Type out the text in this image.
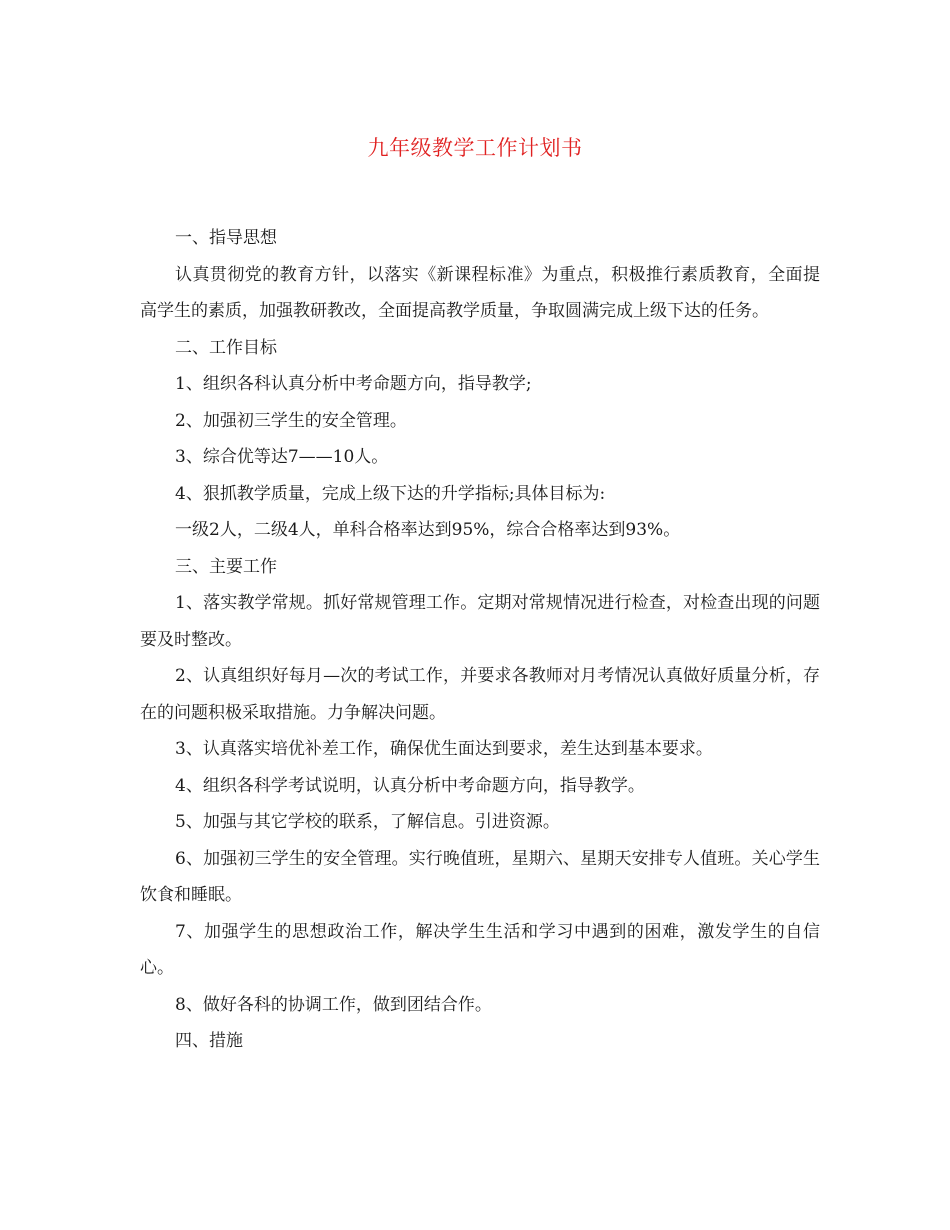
九年级教学工作计划书

一、指导思想

认真贯彻党的教育方针，以落实《新课程标准》为重点，积极推行素质教育，全面提高学生的素质，加强教研教改，全面提高教学质量，争取圆满完成上级下达的任务。

二、工作目标

1、组织各科认真分析中考命题方向，指导教学;

2、加强初三学生的安全管理。

3、综合优等达7——10人。

4、狠抓教学质量，完成上级下达的升学指标;具体目标为:

一级2人，二级4人，单科合格率达到95%，综合合格率达到93%。

三、主要工作

1、落实教学常规。抓好常规管理工作。定期对常规情况进行检查，对检查出现的问题要及时整改。

2、认真组织好每月—次的考试工作，并要求各教师对月考情况认真做好质量分析，存在的问题积极采取措施。力争解决问题。

3、认真落实培优补差工作，确保优生面达到要求，差生达到基本要求。

4、组织各科学考试说明，认真分析中考命题方向，指导教学。

5、加强与其它学校的联系，了解信息。引进资源。

6、加强初三学生的安全管理。实行晚值班，星期六、星期天安排专人值班。关心学生饮食和睡眠。

7、加强学生的思想政治工作，解决学生生活和学习中遇到的困难，激发学生的自信心。

8、做好各科的协调工作，做到团结合作。

四、措施
